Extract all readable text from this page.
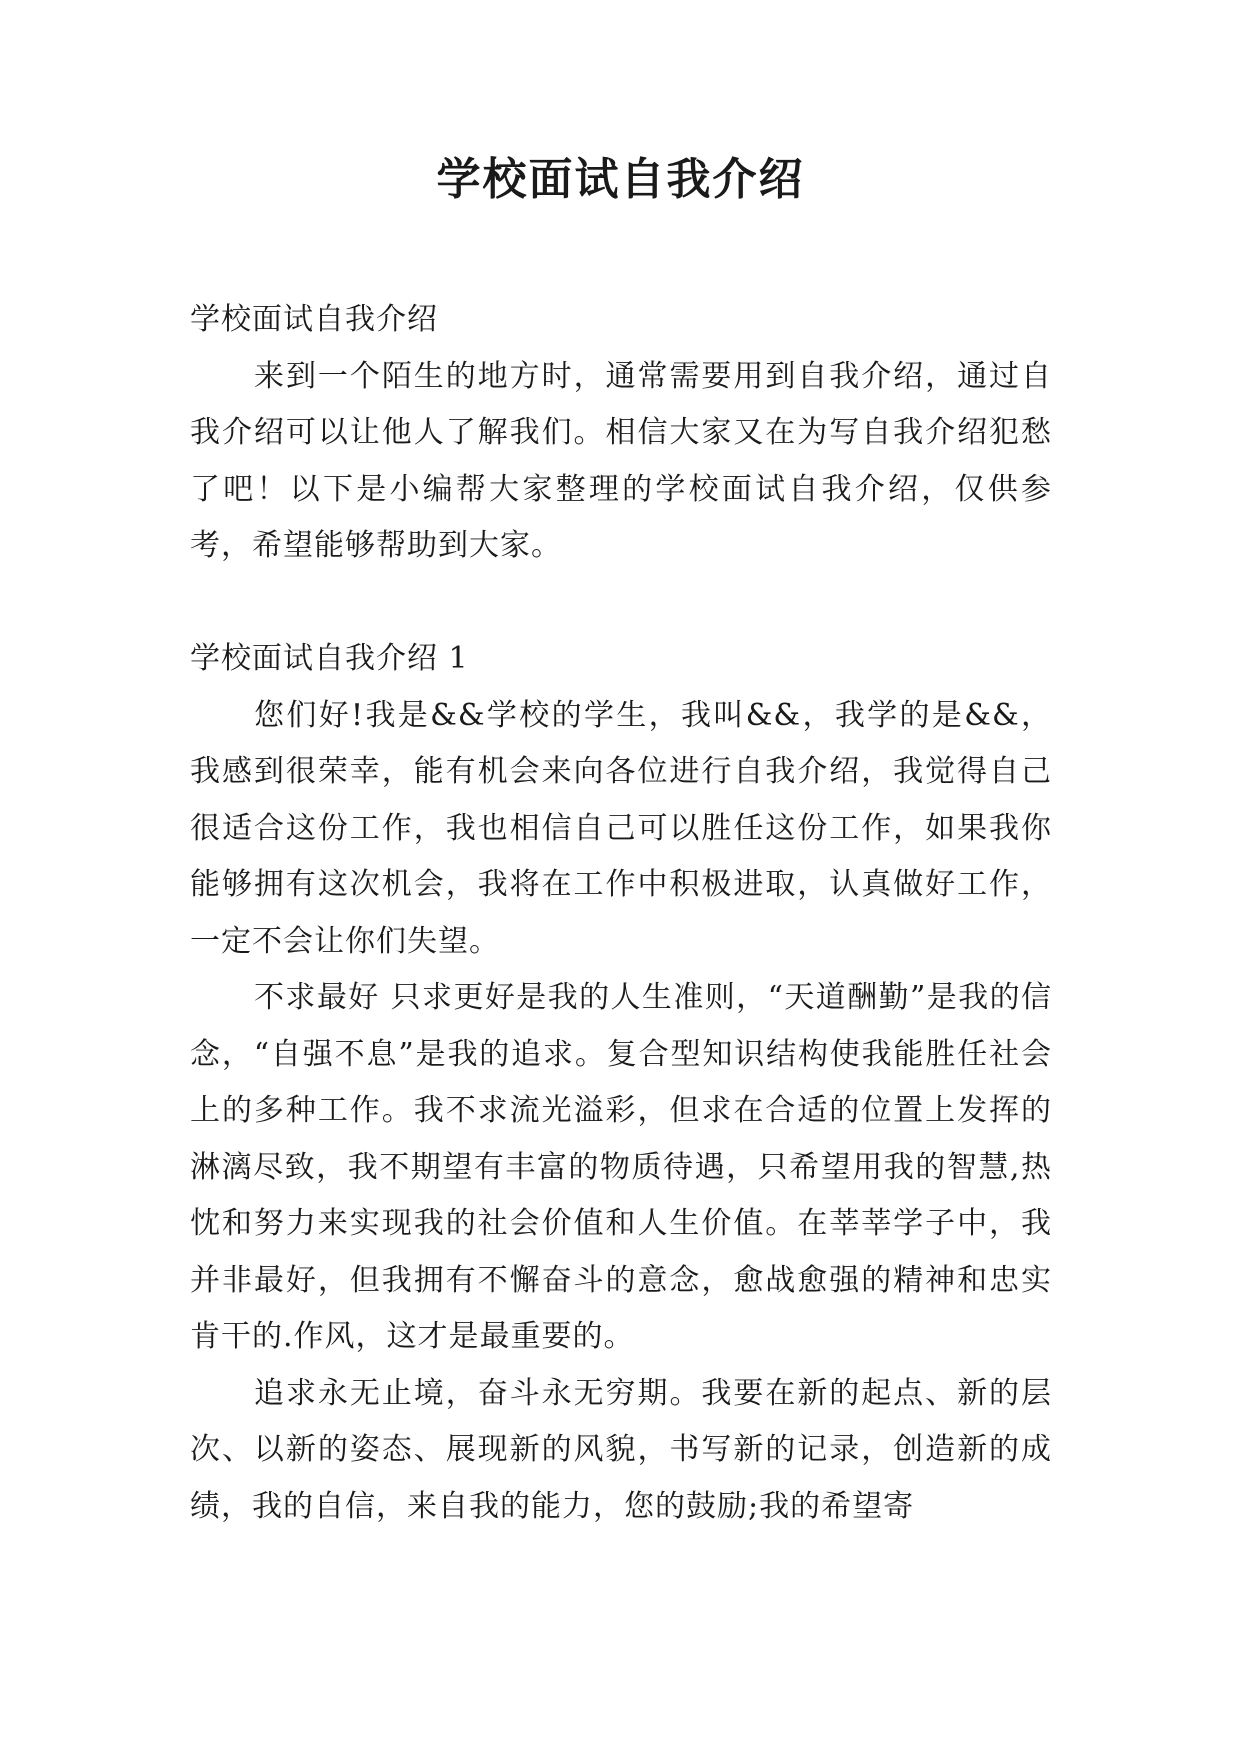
学校面试自我介绍

学校面试自我介绍

来到一个陌生的地方时，通常需要用到自我介绍，通过自我介绍可以让他人了解我们。相信大家又在为写自我介绍犯愁了吧！以下是小编帮大家整理的学校面试自我介绍，仅供参考，希望能够帮助到大家。

学校面试自我介绍 1

您们好!我是&&学校的学生，我叫&&，我学的是&&，我感到很荣幸，能有机会来向各位进行自我介绍，我觉得自己很适合这份工作，我也相信自己可以胜任这份工作，如果我你能够拥有这次机会，我将在工作中积极进取，认真做好工作，一定不会让你们失望。

不求最好 只求更好是我的人生准则，“天道酬勤”是我的信念，“自强不息”是我的追求。复合型知识结构使我能胜任社会上的多种工作。我不求流光溢彩，但求在合适的位置上发挥的 淋漓尽致，我不期望有丰富的物质待遇，只希望用我的智慧,热忱和努力来实现我的社会价值和人生价值。在莘莘学子中，我并非最好，但我拥有不懈奋斗的意念，愈战愈强的精神和忠实肯干的.作风，这才是最重要的。

追求永无止境，奋斗永无穷期。我要在新的起点、新的层次、以新的姿态、展现新的风貌，书写新的记录，创造新的成绩，我的自信，来自我的能力，您的鼓励;我的希望寄
